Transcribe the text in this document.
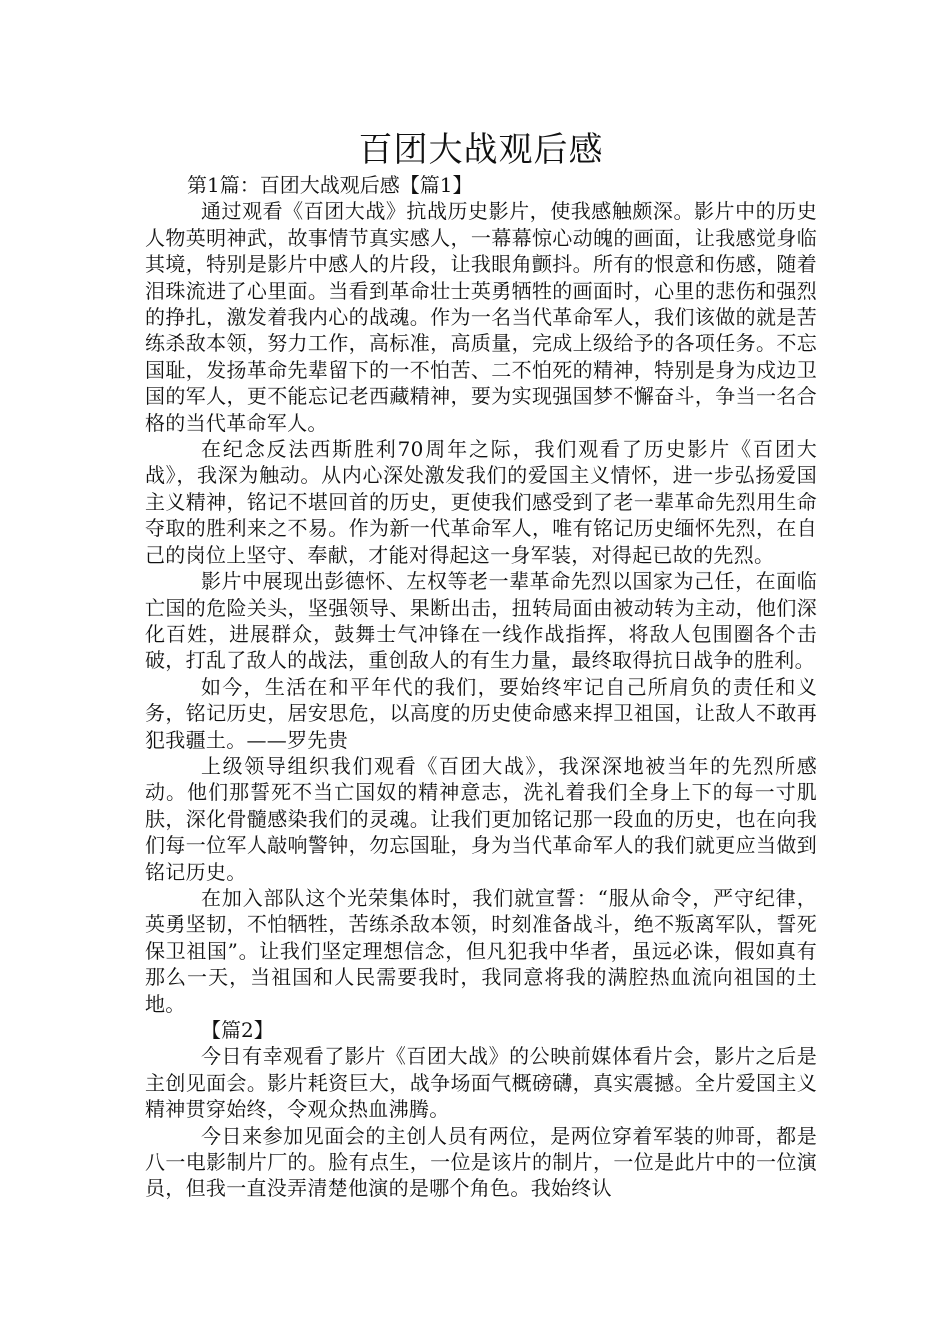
百团大战观后感

第1篇：百团大战观后感【篇1】

通过观看《百团大战》抗战历史影片，使我感触颇深。影片中的历史人物英明神武，故事情节真实感人，一幕幕惊心动魄的画面，让我感觉身临其境，特别是影片中感人的片段，让我眼角颤抖。所有的恨意和伤感，随着泪珠流进了心里面。当看到革命壮士英勇牺牲的画面时，心里的悲伤和强烈的挣扎，激发着我内心的战魂。作为一名当代革命军人，我们该做的就是苦练杀敌本领，努力工作，高标准，高质量，完成上级给予的各项任务。不忘国耻，发扬革命先辈留下的一不怕苦、二不怕死的精神，特别是身为戍边卫国的军人，更不能忘记老西藏精神，要为实现强国梦不懈奋斗，争当一名合格的当代革命军人。

在纪念反法西斯胜利70周年之际，我们观看了历史影片《百团大战》，我深为触动。从内心深处激发我们的爱国主义情怀，进一步弘扬爱国主义精神，铭记不堪回首的历史，更使我们感受到了老一辈革命先烈用生命夺取的胜利来之不易。作为新一代革命军人，唯有铭记历史缅怀先烈，在自己的岗位上坚守、奉献，才能对得起这一身军装，对得起已故的先烈。

影片中展现出彭德怀、左权等老一辈革命先烈以国家为己任，在面临亡国的危险关头，坚强领导、果断出击，扭转局面由被动转为主动，他们深化百姓，进展群众，鼓舞士气冲锋在一线作战指挥，将敌人包围圈各个击破，打乱了敌人的战法，重创敌人的有生力量，最终取得抗日战争的胜利。

如今，生活在和平年代的我们，要始终牢记自己所肩负的责任和义务，铭记历史，居安思危，以高度的历史使命感来捍卫祖国，让敌人不敢再犯我疆土。——罗先贵

上级领导组织我们观看《百团大战》，我深深地被当年的先烈所感动。他们那誓死不当亡国奴的精神意志，洗礼着我们全身上下的每一寸肌肤，深化骨髓感染我们的灵魂。让我们更加铭记那一段血的历史，也在向我们每一位军人敲响警钟，勿忘国耻，身为当代革命军人的我们就更应当做到铭记历史。

在加入部队这个光荣集体时，我们就宣誓：“服从命令，严守纪律，英勇坚韧，不怕牺牲，苦练杀敌本领，时刻准备战斗，绝不叛离军队，誓死保卫祖国”。让我们坚定理想信念，但凡犯我中华者，虽远必诛，假如真有那么一天，当祖国和人民需要我时，我同意将我的满腔热血流向祖国的土地。

【篇2】

今日有幸观看了影片《百团大战》的公映前媒体看片会，影片之后是主创见面会。影片耗资巨大，战争场面气概磅礴，真实震撼。全片爱国主义精神贯穿始终，令观众热血沸腾。

今日来参加见面会的主创人员有两位，是两位穿着军装的帅哥，都是八一电影制片厂的。脸有点生，一位是该片的制片，一位是此片中的一位演员，但我一直没弄清楚他演的是哪个角色。我始终认
